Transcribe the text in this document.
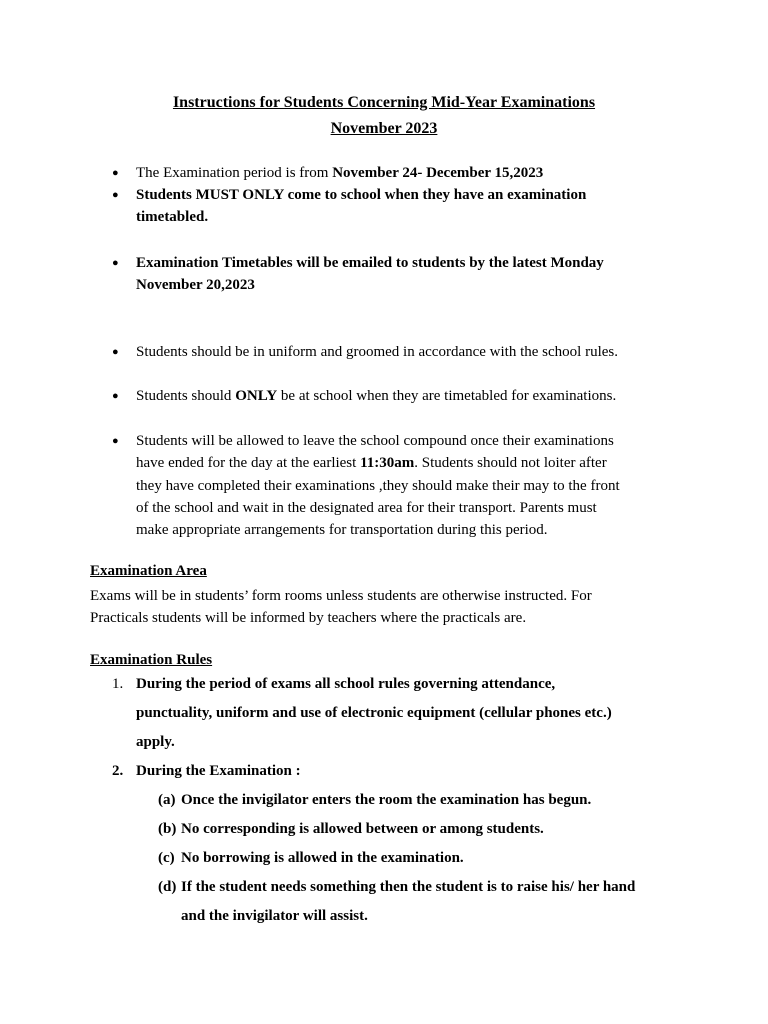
Instructions for Students Concerning Mid-Year Examinations
November 2023
● The Examination period is from November 24- December 15,2023
● Students MUST ONLY come to school when they have an examination
timetabled.
● Examination Timetables will be emailed to students by the latest Monday
November 20,2023
● Students should be in uniform and groomed in accordance with the school rules.
● Students should ONLY be at school when they are timetabled for examinations.
● Students will be allowed to leave the school compound once their examinations
have ended for the day at the earliest 11:30am. Students should not loiter after
they have completed their examinations ,they should make their may to the front
of the school and wait in the designated area for their transport. Parents must
make appropriate arrangements for transportation during this period.
Examination Area
Exams will be in students’ form rooms unless students are otherwise instructed. For
Practicals students will be informed by teachers where the practicals are.
Examination Rules
1. During the period of exams all school rules governing attendance,
punctuality, uniform and use of electronic equipment (cellular phones etc.)
apply.
2. During the Examination :
(a) Once the invigilator enters the room the examination has begun.
(b) No corresponding is allowed between or among students.
(c) No borrowing is allowed in the examination.
(d) If the student needs something then the student is to raise his/ her hand
and the invigilator will assist.
